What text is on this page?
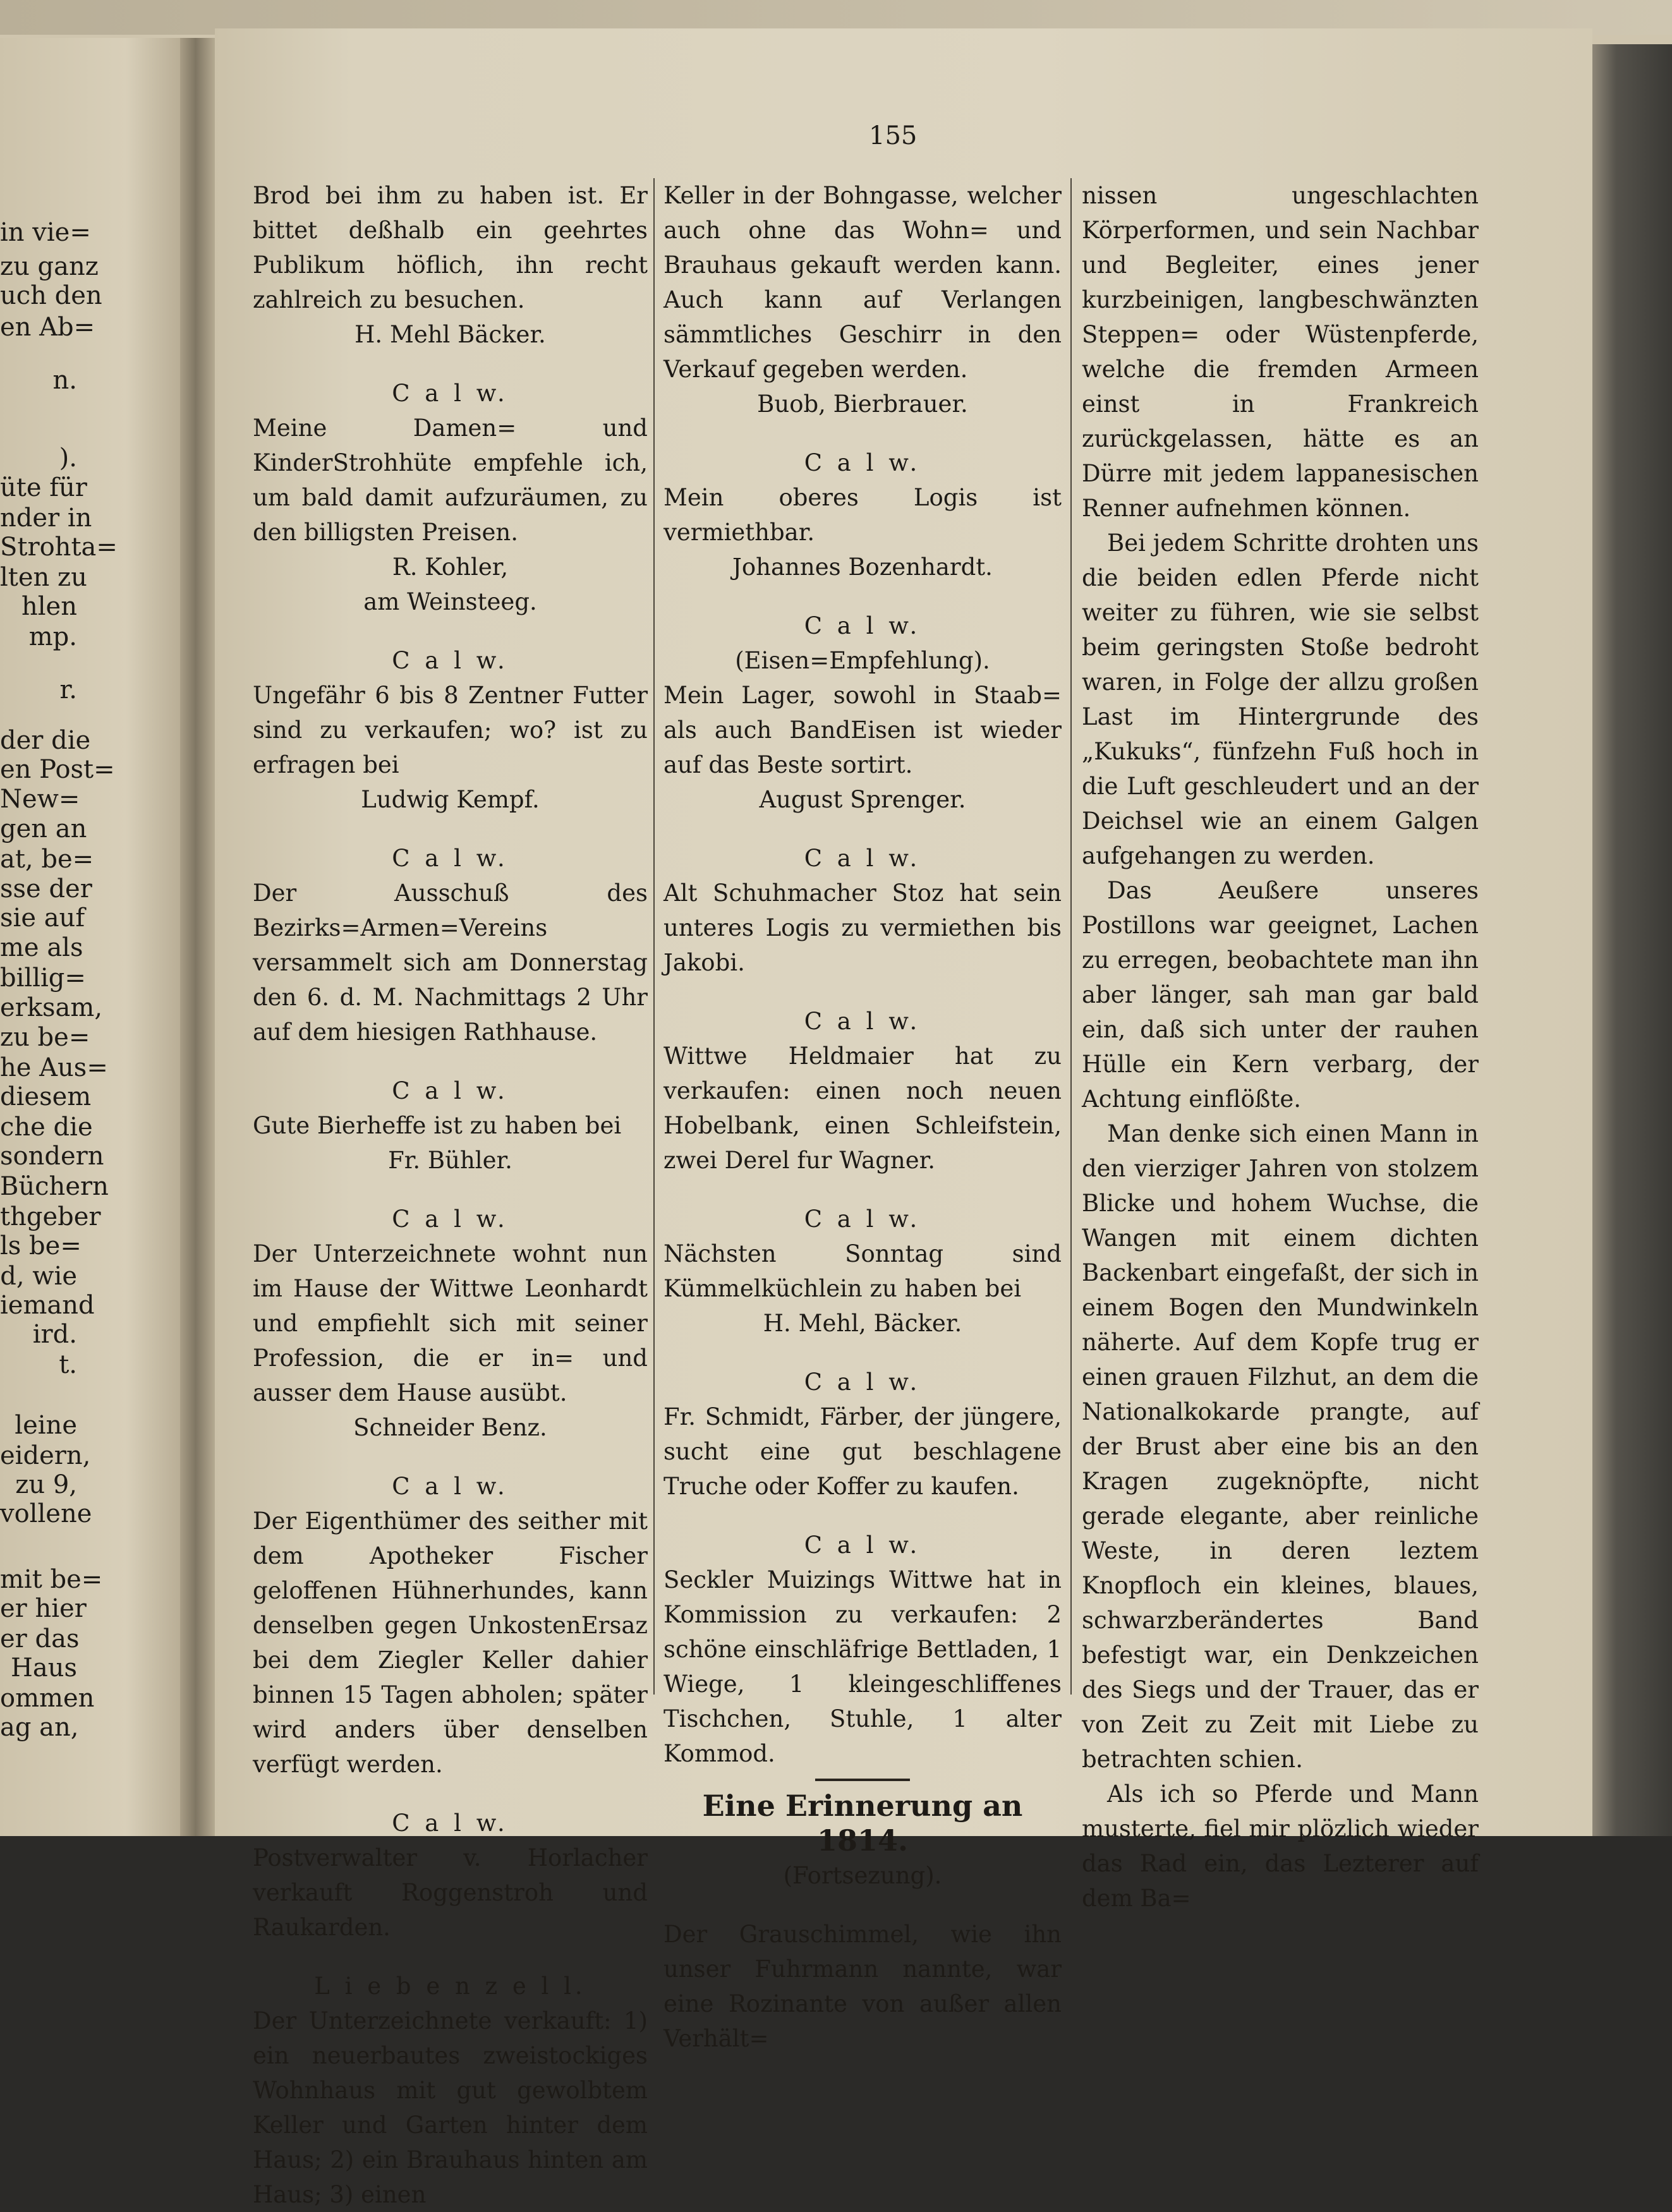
in vie=
zu ganz
uch den
en Ab=
n.
).
üte für
nder in
Strohta=
lten zu
hlen
mp.
r.
der die
en Post=
New=
gen an
at, be=
sse der
sie auf
me als
billig=
erksam,
zu be=
he Aus=
diesem
che die
sondern
Büchern
thgeber
ls be=
d, wie
iemand
ird.
t.
leine
eidern,
zu 9,
vollene
mit be=
er hier
er das
Haus
ommen
ag an,
155

Brod bei ihm zu haben ist. Er bittet deßhalb ein geehrtes Publikum höflich, ihn recht zahlreich zu besuchen.

H. Mehl Bäcker.

C a l w.

Meine Damen= und KinderStrohhüte empfehle ich, um bald damit aufzuräumen, zu den billigsten Preisen.

R. Kohler,

am Weinsteeg.

C a l w.

Ungefähr 6 bis 8 Zentner Futter sind zu verkaufen; wo? ist zu erfragen bei

Ludwig Kempf.

C a l w.

Der Ausschuß des Bezirks=Armen=Vereins versammelt sich am Donnerstag den 6. d. M. Nachmittags 2 Uhr auf dem hiesigen Rathhause.

C a l w.

Gute Bierheffe ist zu haben bei

Fr. Bühler.

C a l w.

Der Unterzeichnete wohnt nun im Hause der Wittwe Leonhardt und empfiehlt sich mit seiner Profession, die er in= und ausser dem Hause ausübt.

Schneider Benz.

C a l w.

Der Eigenthümer des seither mit dem Apotheker Fischer geloffenen Hühnerhundes, kann denselben gegen UnkostenErsaz bei dem Ziegler Keller dahier binnen 15 Tagen abholen; später wird anders über denselben verfügt werden.

C a l w.

Postverwalter v. Horlacher verkauft Roggenstroh und Raukarden.

L i e b e n z e l l.

Der Unterzeichnete verkauft: 1) ein neuerbautes zweistockiges Wohnhaus mit gut gewolbtem Keller und Garten hinter dem Haus; 2) ein Brauhaus hinten am Haus; 3) einen

Keller in der Bohngasse, welcher auch ohne das Wohn= und Brauhaus gekauft werden kann. Auch kann auf Verlangen sämmtliches Geschirr in den Verkauf gegeben werden.

Buob, Bierbrauer.

C a l w.

Mein oberes Logis ist vermiethbar.

Johannes Bozenhardt.

C a l w.

(Eisen=Empfehlung).

Mein Lager, sowohl in Staab= als auch BandEisen ist wieder auf das Beste sortirt.

August Sprenger.

C a l w.

Alt Schuhmacher Stoz hat sein unteres Logis zu vermiethen bis Jakobi.

C a l w.

Wittwe Heldmaier hat zu verkaufen: einen noch neuen Hobelbank, einen Schleifstein, zwei Derel fur Wagner.

C a l w.

Nächsten Sonntag sind Kümmelküchlein zu haben bei

H. Mehl, Bäcker.

C a l w.

Fr. Schmidt, Färber, der jüngere, sucht eine gut beschlagene Truche oder Koffer zu kaufen.

C a l w.

Seckler Muizings Wittwe hat in Kommission zu verkaufen: 2 schöne einschläfrige Bettladen, 1 Wiege, 1 kleingeschliffenes Tischchen, Stuhle, 1 alter Kommod.

Eine Erinnerung an 1814.

(Fortsezung).

Der Grauschimmel, wie ihn unser Fuhrmann nannte, war eine Rozinante von außer allen Verhält=

nissen ungeschlachten Körperformen, und sein Nachbar und Begleiter, eines jener kurzbeinigen, langbeschwänzten Steppen= oder Wüstenpferde, welche die fremden Armeen einst in Frankreich zurückgelassen, hätte es an Dürre mit jedem lappanesischen Renner aufnehmen können.

Bei jedem Schritte drohten uns die beiden edlen Pferde nicht weiter zu führen, wie sie selbst beim geringsten Stoße bedroht waren, in Folge der allzu großen Last im Hintergrunde des „Kukuks“, fünfzehn Fuß hoch in die Luft geschleudert und an der Deichsel wie an einem Galgen aufgehangen zu werden.

Das Aeußere unseres Postillons war geeignet, Lachen zu erregen, beobachtete man ihn aber länger, sah man gar bald ein, daß sich unter der rauhen Hülle ein Kern verbarg, der Achtung einflößte.

Man denke sich einen Mann in den vierziger Jahren von stolzem Blicke und hohem Wuchse, die Wangen mit einem dichten Backenbart eingefaßt, der sich in einem Bogen den Mundwinkeln näherte. Auf dem Kopfe trug er einen grauen Filzhut, an dem die Nationalkokarde prangte, auf der Brust aber eine bis an den Kragen zugeknöpfte, nicht gerade elegante, aber reinliche Weste, in deren leztem Knopfloch ein kleines, blaues, schwarzberändertes Band befestigt war, ein Denkzeichen des Siegs und der Trauer, das er von Zeit zu Zeit mit Liebe zu betrachten schien.

Als ich so Pferde und Mann musterte, fiel mir plözlich wieder das Rad ein, das Lezterer auf dem Ba=
